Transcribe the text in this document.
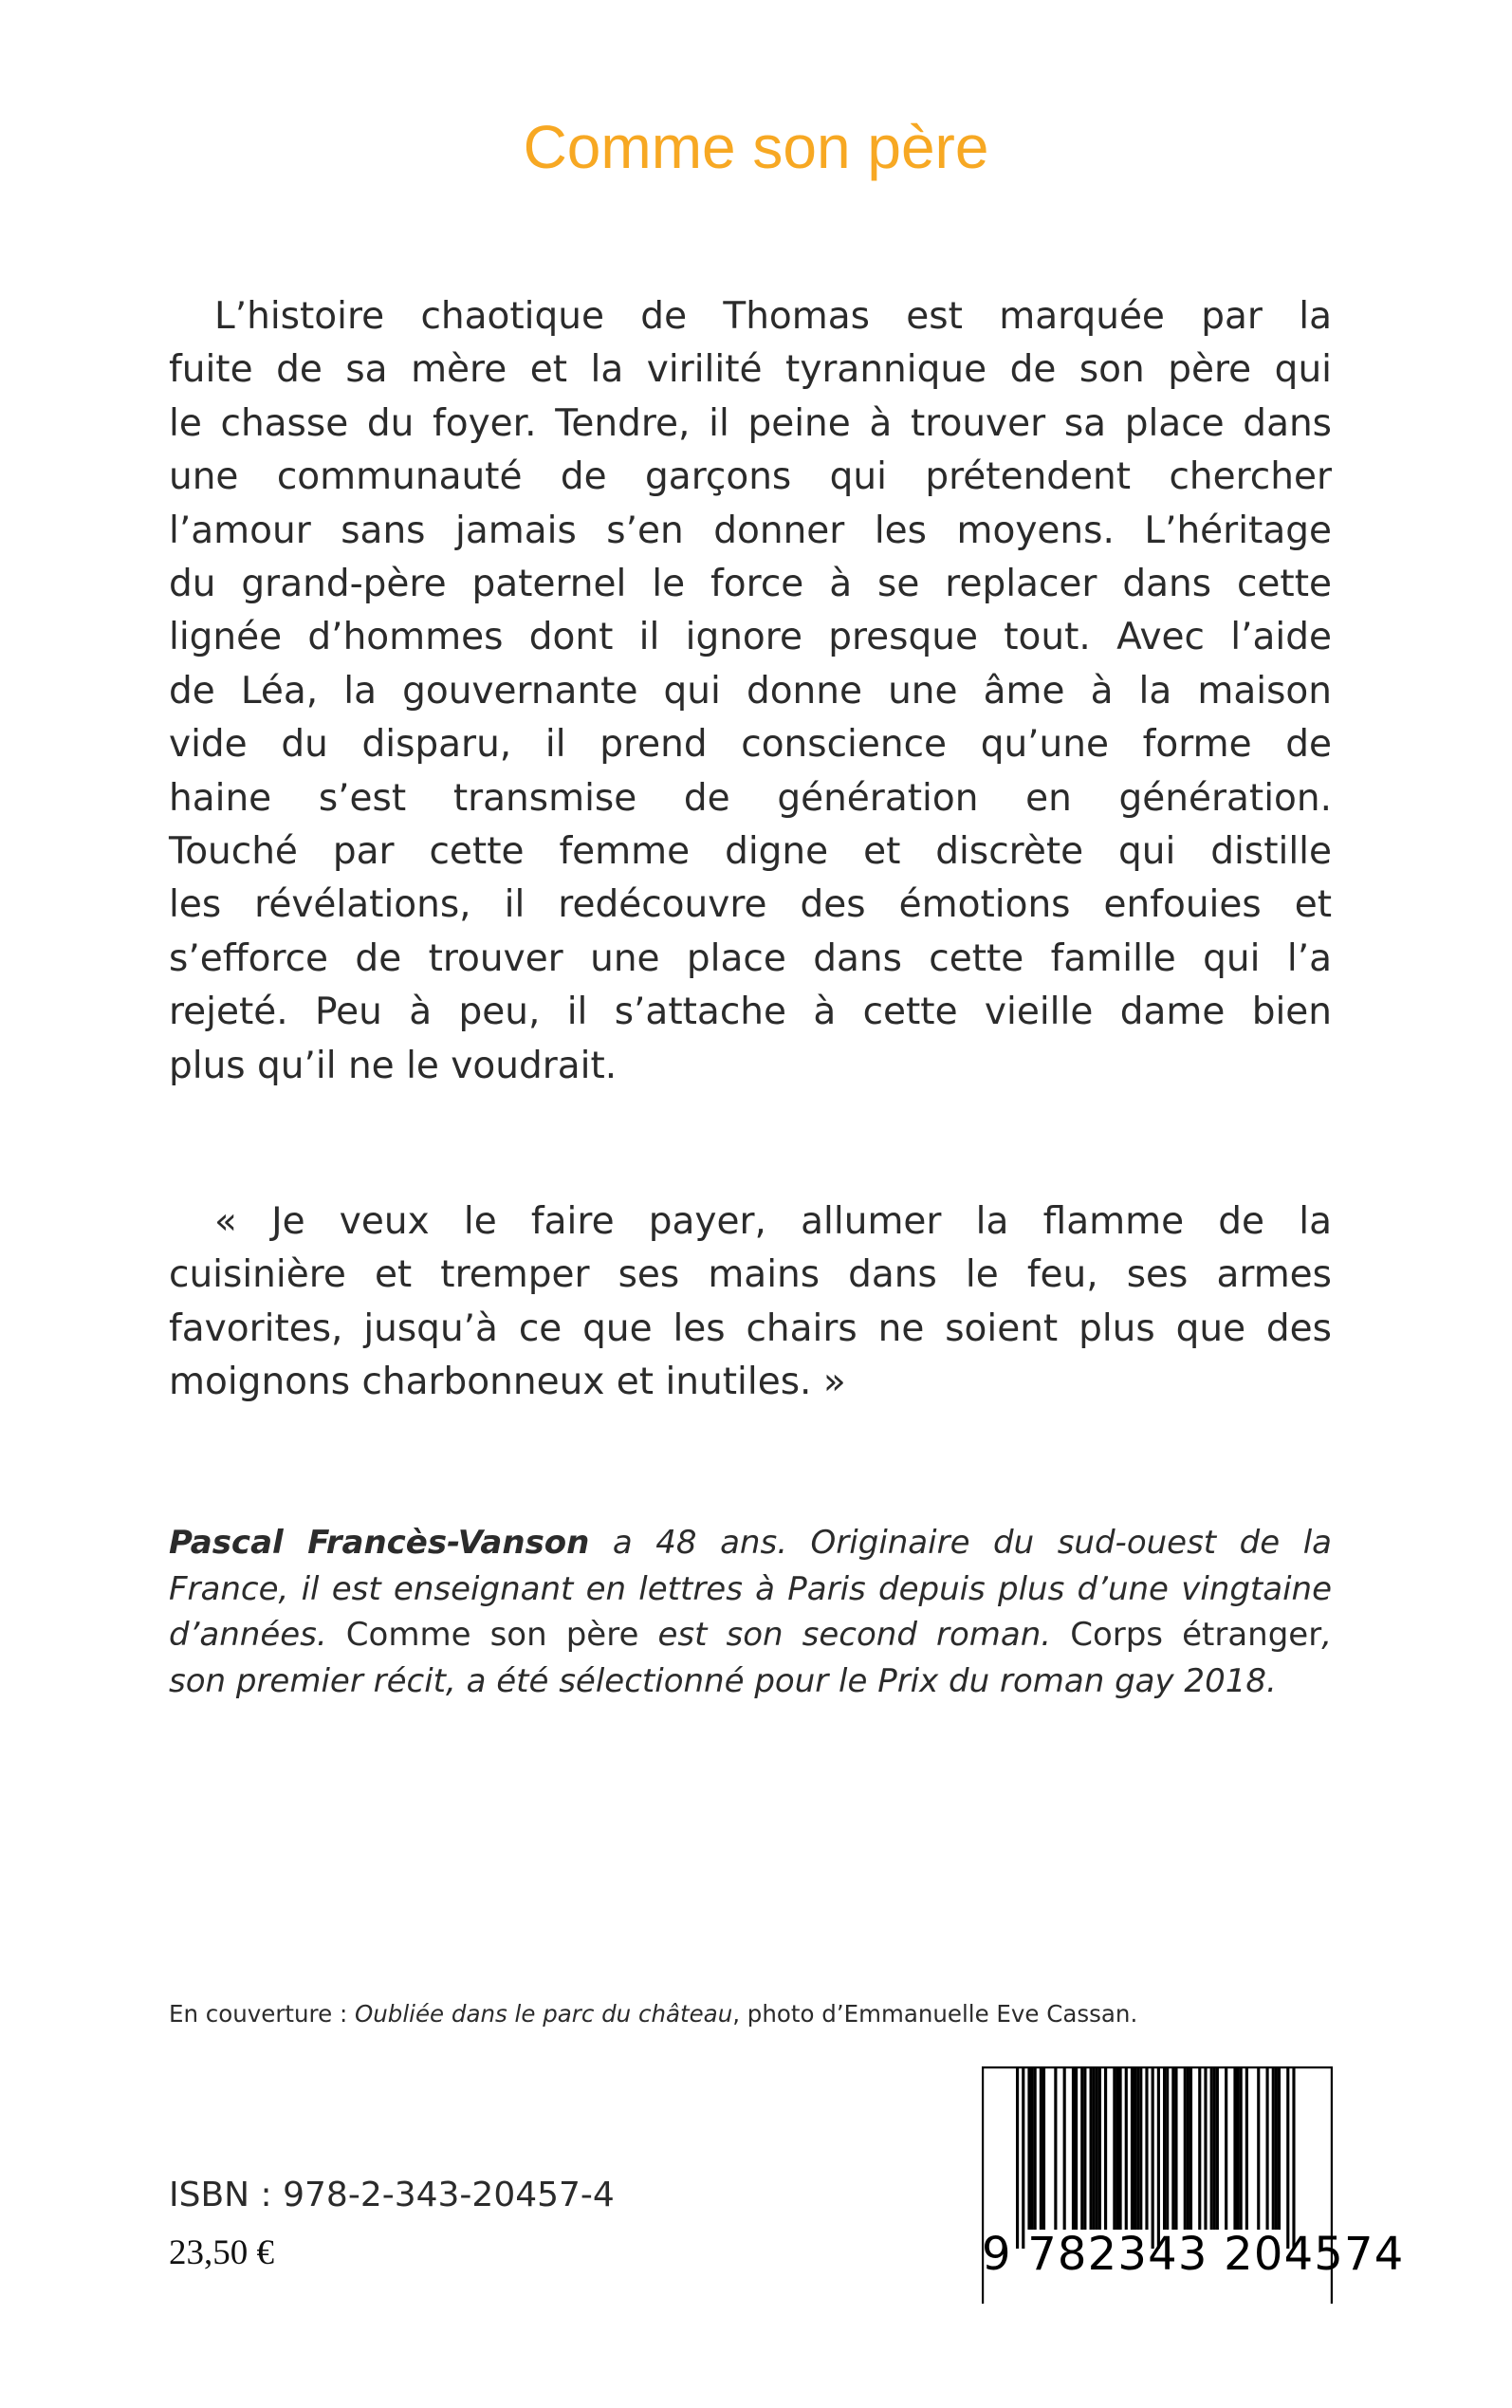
Comme son père
L’histoire chaotique de Thomas est marquée par la
fuite de sa mère et la virilité tyrannique de son père qui
le chasse du foyer. Tendre, il peine à trouver sa place dans
une communauté de garçons qui prétendent chercher
l’amour sans jamais s’en donner les moyens. L’héritage
du grand-père paternel le force à se replacer dans cette
lignée d’hommes dont il ignore presque tout. Avec l’aide
de Léa, la gouvernante qui donne une âme à la maison
vide du disparu, il prend conscience qu’une forme de
haine s’est transmise de génération en génération.
Touché par cette femme digne et discrète qui distille
les révélations, il redécouvre des émotions enfouies et
s’efforce de trouver une place dans cette famille qui l’a
rejeté. Peu à peu, il s’attache à cette vieille dame bien
plus qu’il ne le voudrait.
« Je veux le faire payer, allumer la flamme de la
cuisinière et tremper ses mains dans le feu, ses armes
favorites, jusqu’à ce que les chairs ne soient plus que des
moignons charbonneux et inutiles. »
Pascal Francès-Vanson a 48 ans. Originaire du sud-ouest de la
France, il est enseignant en lettres à Paris depuis plus d’une vingtaine
d’années. Comme son père est son second roman. Corps étranger,
son premier récit, a été sélectionné pour le Prix du roman gay 2018.
En couverture : Oubliée dans le parc du château, photo d’Emmanuelle Eve Cassan.
ISBN : 978-2-343-20457-4
23,50 €	9 782343 204574
